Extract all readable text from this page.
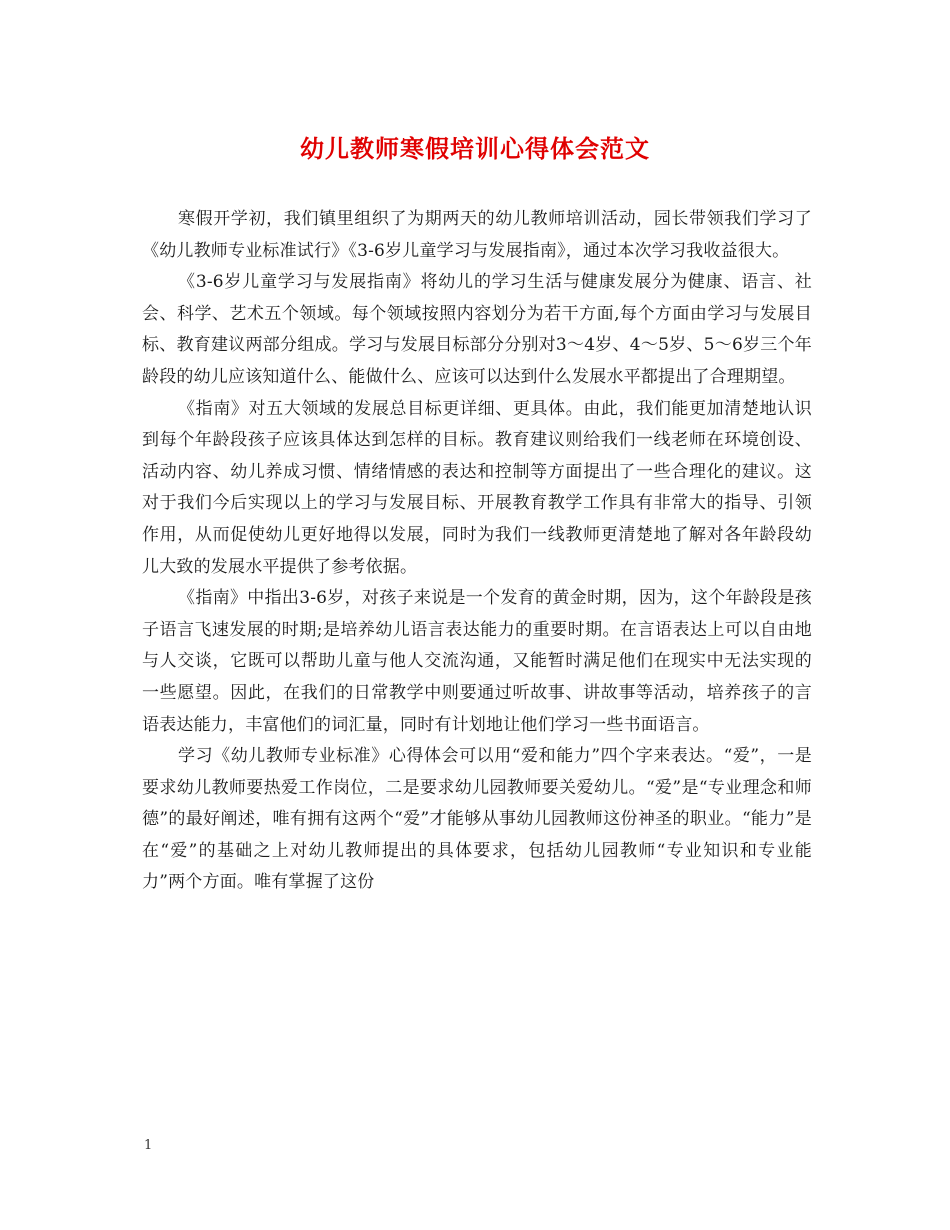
幼儿教师寒假培训心得体会范文

寒假开学初，我们镇里组织了为期两天的幼儿教师培训活动，园长带领我们学习了《幼儿教师专业标准试行》《3-6岁儿童学习与发展指南》，通过本次学习我收益很大。

《3-6岁儿童学习与发展指南》将幼儿的学习生活与健康发展分为健康、语言、社会、科学、艺术五个领域。每个领域按照内容划分为若干方面,每个方面由学习与发展目标、教育建议两部分组成。学习与发展目标部分分别对3～4岁、4～5岁、5～6岁三个年龄段的幼儿应该知道什么、能做什么、应该可以达到什么发展水平都提出了合理期望。

《指南》对五大领域的发展总目标更详细、更具体。由此，我们能更加清楚地认识到每个年龄段孩子应该具体达到怎样的目标。教育建议则给我们一线老师在环境创设、活动内容、幼儿养成习惯、情绪情感的表达和控制等方面提出了一些合理化的建议。这对于我们今后实现以上的学习与发展目标、开展教育教学工作具有非常大的指导、引领作用，从而促使幼儿更好地得以发展，同时为我们一线教师更清楚地了解对各年龄段幼儿大致的发展水平提供了参考依据。

《指南》中指出3-6岁，对孩子来说是一个发育的黄金时期，因为，这个年龄段是孩子语言飞速发展的时期;是培养幼儿语言表达能力的重要时期。在言语表达上可以自由地与人交谈，它既可以帮助儿童与他人交流沟通，又能暂时满足他们在现实中无法实现的一些愿望。因此，在我们的日常教学中则要通过听故事、讲故事等活动，培养孩子的言语表达能力，丰富他们的词汇量，同时有计划地让他们学习一些书面语言。

学习《幼儿教师专业标准》心得体会可以用“爱和能力”四个字来表达。“爱”，一是要求幼儿教师要热爱工作岗位，二是要求幼儿园教师要关爱幼儿。“爱”是“专业理念和师德”的最好阐述，唯有拥有这两个“爱”才能够从事幼儿园教师这份神圣的职业。“能力”是在“爱”的基础之上对幼儿教师提出的具体要求，包括幼儿园教师“专业知识和专业能力”两个方面。唯有掌握了这份

1
